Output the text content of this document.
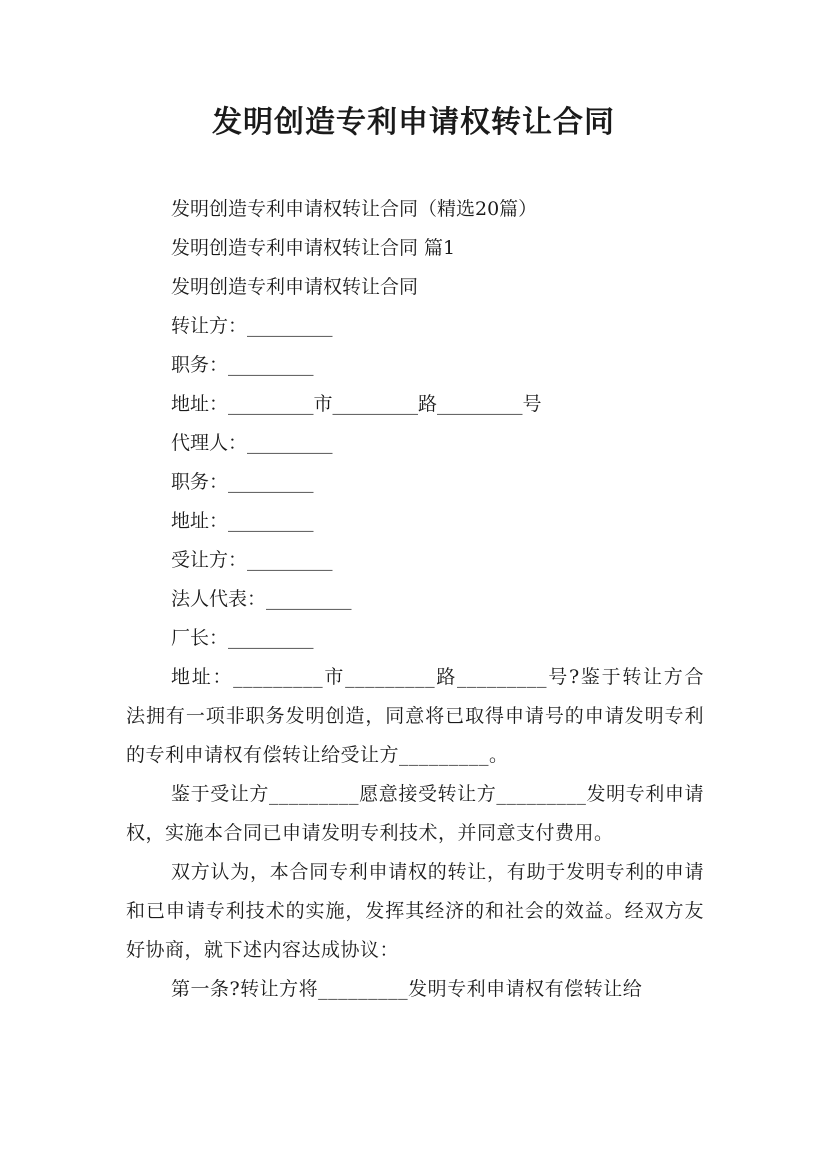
发明创造专利申请权转让合同

发明创造专利申请权转让合同（精选20篇）

发明创造专利申请权转让合同 篇1

发明创造专利申请权转让合同

转让方：_________

职务：_________

地址：_________市_________路_________号

代理人：_________

职务：_________

地址：_________

受让方：_________

法人代表：_________

厂长：_________

地址：_________市_________路_________号?鉴于转让方合法拥有一项非职务发明创造，同意将已取得申请号的申请发明专利的专利申请权有偿转让给受让方_________。

鉴于受让方_________愿意接受转让方_________发明专利申请权，实施本合同已申请发明专利技术，并同意支付费用。

双方认为，本合同专利申请权的转让，有助于发明专利的申请和已申请专利技术的实施，发挥其经济的和社会的效益。经双方友好协商，就下述内容达成协议：

第一条?转让方将_________发明专利申请权有偿转让给
